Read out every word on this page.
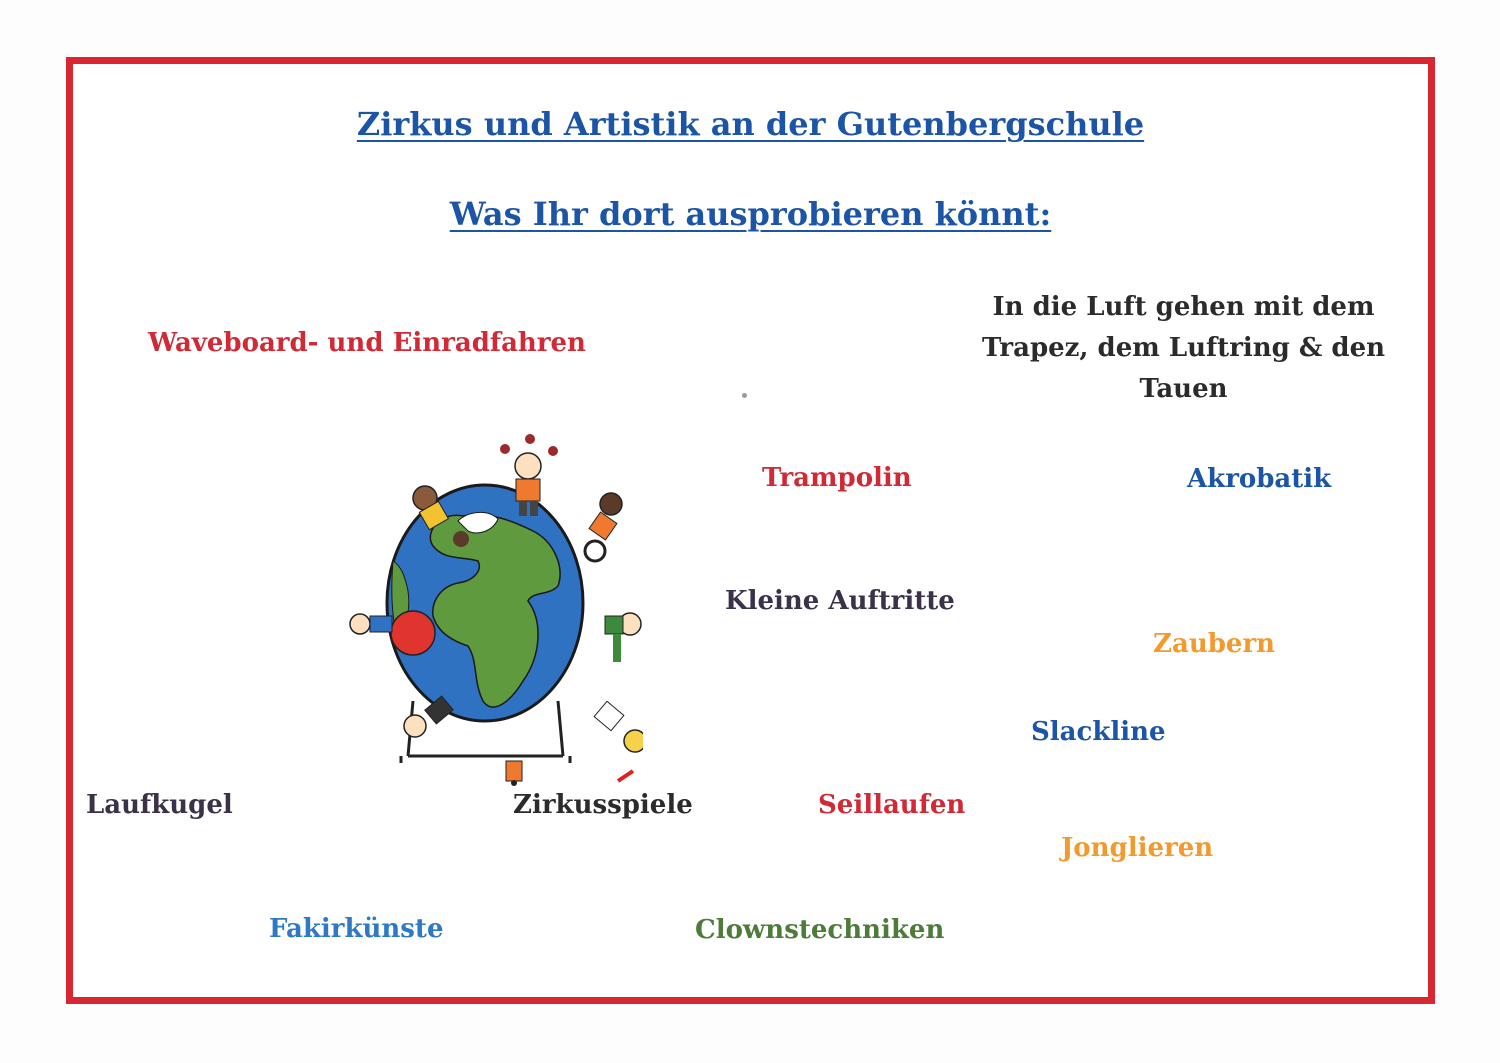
Zirkus und Artistik an der Gutenbergschule
Was Ihr dort ausprobieren könnt:
Waveboard- und Einradfahren
In die Luft gehen mit dem
Trapez, dem Luftring & den Tauen
Trampolin	Akrobatik
Kleine Auftritte
Zaubern
Slackline
Laufkugel	Zirkusspiele	Seillaufen
Jonglieren
Fakirkünste	Clownstechniken
